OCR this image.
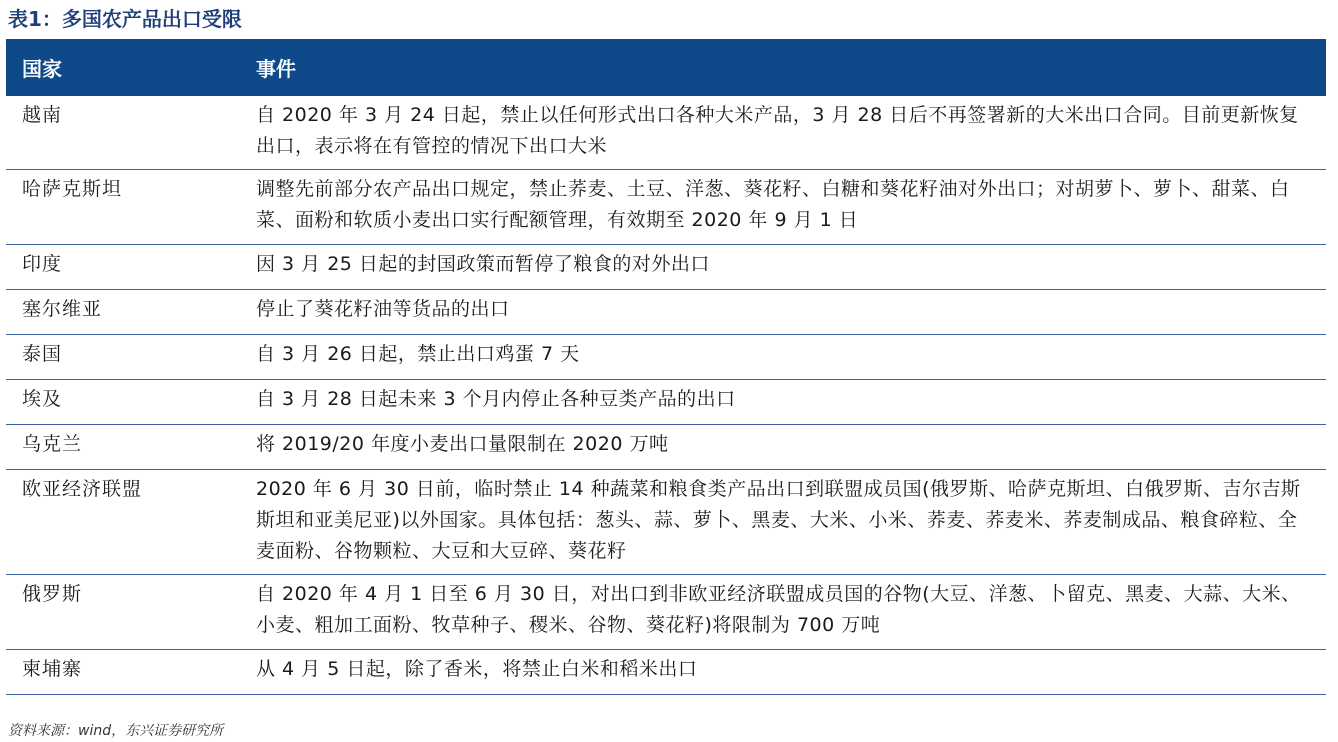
表1：多国农产品出口受限
国家	事件
越南	自 2020 年 3 月 24 日起，禁止以任何形式出口各种大米产品，3 月 28 日后不再签署新的大米出口合同。目前更新恢复出口，表示将在有管控的情况下出口大米
哈萨克斯坦	调整先前部分农产品出口规定，禁止荞麦、土豆、洋葱、葵花籽、白糖和葵花籽油对外出口；对胡萝卜、萝卜、甜菜、白菜、面粉和软质小麦出口实行配额管理，有效期至 2020 年 9 月 1 日
印度	因 3 月 25 日起的封国政策而暂停了粮食的对外出口
塞尔维亚	停止了葵花籽油等货品的出口
泰国	自 3 月 26 日起，禁止出口鸡蛋 7 天
埃及	自 3 月 28 日起未来 3 个月内停止各种豆类产品的出口
乌克兰	将 2019/20 年度小麦出口量限制在 2020 万吨
欧亚经济联盟	2020 年 6 月 30 日前，临时禁止 14 种蔬菜和粮食类产品出口到联盟成员国(俄罗斯、哈萨克斯坦、白俄罗斯、吉尔吉斯斯坦和亚美尼亚)以外国家。具体包括：葱头、蒜、萝卜、黑麦、大米、小米、荞麦、荞麦米、荞麦制成品、粮食碎粒、全麦面粉、谷物颗粒、大豆和大豆碎、葵花籽
俄罗斯	自 2020 年 4 月 1 日至 6 月 30 日，对出口到非欧亚经济联盟成员国的谷物(大豆、洋葱、卜留克、黑麦、大蒜、大米、小麦、粗加工面粉、牧草种子、稷米、谷物、葵花籽)将限制为 700 万吨
柬埔寨	从 4 月 5 日起，除了香米，将禁止白米和稻米出口
资料来源：wind，东兴证券研究所
